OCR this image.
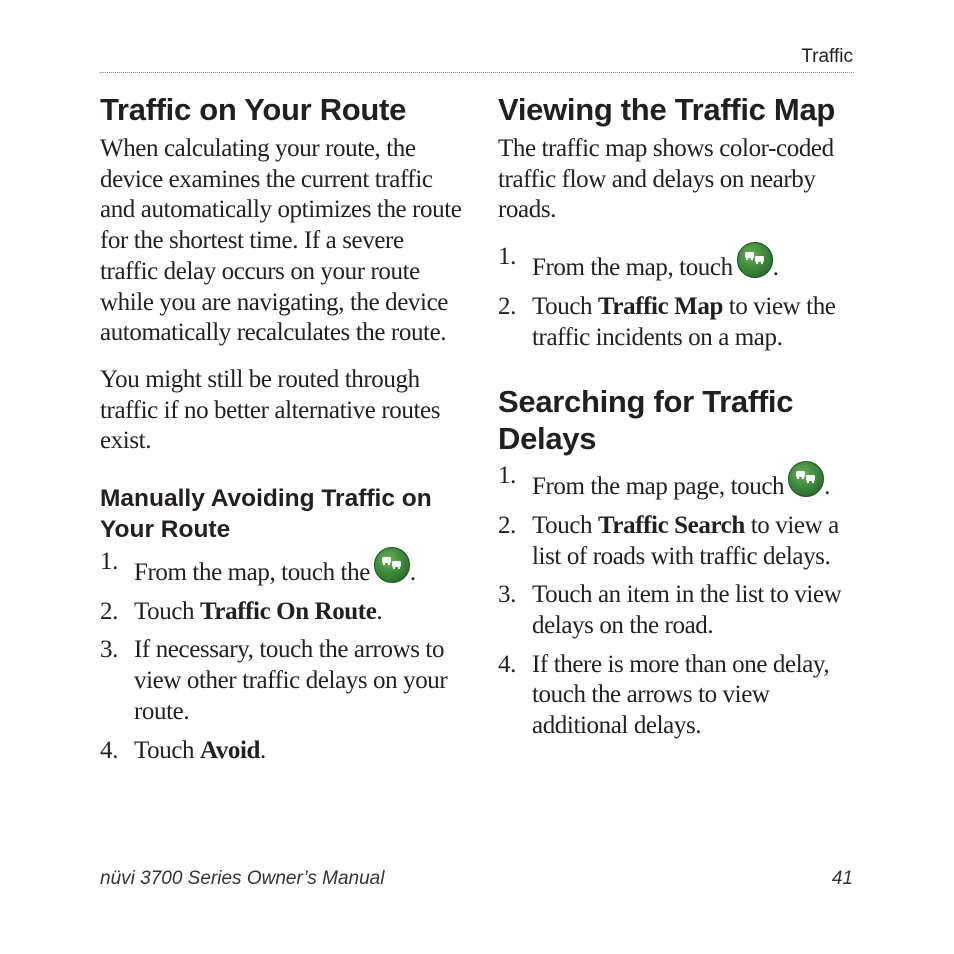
Traffic
Traffic on Your Route

When calculating your route, the device examines the current traffic and automatically optimizes the route for the shortest time. If a severe traffic delay occurs on your route while you are navigating, the device automatically recalculates the route.

You might still be routed through traffic if no better alternative routes exist.

Manually Avoiding Traffic on Your Route
1. From the map, touch the .
2. Touch Traffic On Route.
3. If necessary, touch the arrows to view other traffic delays on your route.
4. Touch Avoid.
Viewing the Traffic Map

The traffic map shows color-coded traffic flow and delays on nearby roads.

1. From the map, touch .
2. Touch Traffic Map to view the traffic incidents on a map.
Searching for Traffic Delays
1. From the map page, touch .
2. Touch Traffic Search to view a list of roads with traffic delays.
3. Touch an item in the list to view delays on the road.
4. If there is more than one delay, touch the arrows to view additional delays.
nüvi 3700 Series Owner’s Manual	41
